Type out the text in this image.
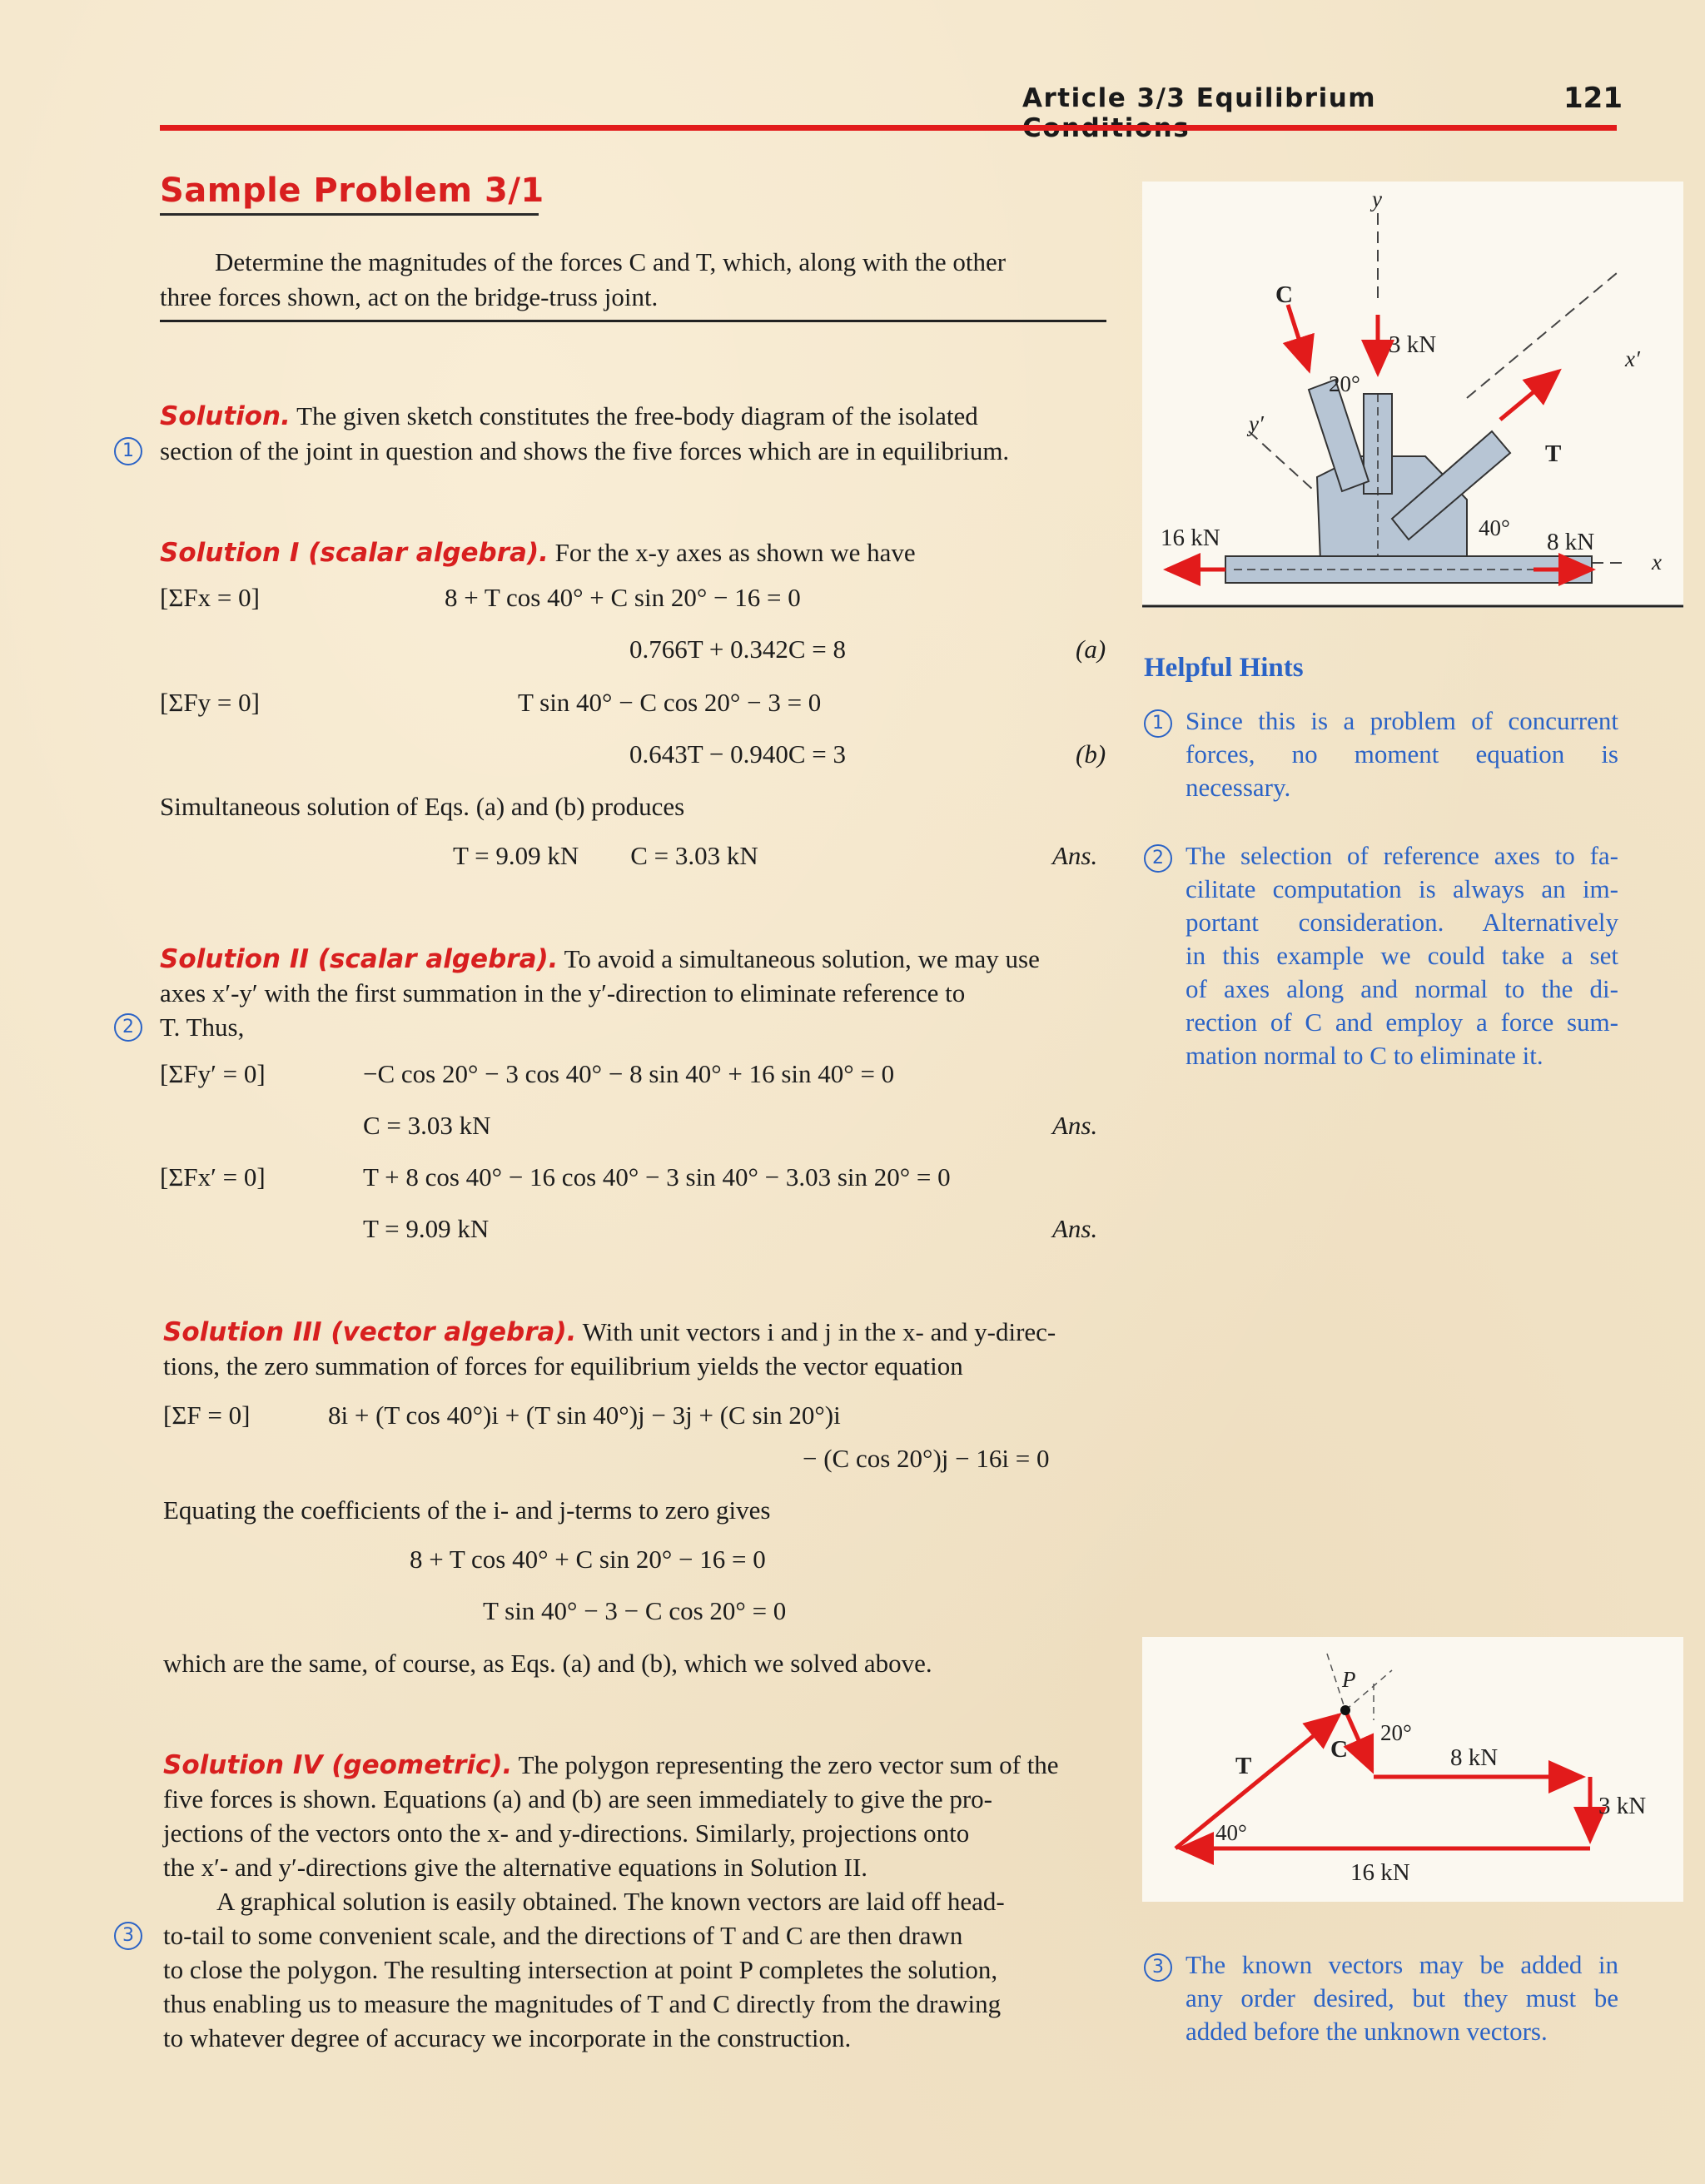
Article 3/3 Equilibrium	121
Sample Problem 3/1
Determine the magnitudes of the forces C and T, which, along with the other
three forces shown, act on the bridge-truss joint.
Solution. The given sketch constitutes the free-body diagram of the isolated
1	section of the joint in question and shows the five forces which are in equilibrium.
Solution I (scalar algebra). For the x-y axes as shown we have
[ΣFx = 0]	8 + T cos 40° + C sin 20° − 16 = 0
0.766T + 0.342C = 8	(a)
[ΣFy = 0]	T sin 40° − C cos 20° − 3 = 0
0.643T − 0.940C = 3	(b)
Simultaneous solution of Eqs. (a) and (b) produces
T = 9.09 kN        C = 3.03 kN	Ans.
Solution II (scalar algebra). To avoid a simultaneous solution, we may use
axes x′-y′ with the first summation in the y′-direction to eliminate reference to
2	T. Thus,
[ΣFy′ = 0]	−C cos 20° − 3 cos 40° − 8 sin 40° + 16 sin 40° = 0
C = 3.03 kN	Ans.
[ΣFx′ = 0]	T + 8 cos 40° − 16 cos 40° − 3 sin 40° − 3.03 sin 20° = 0
T = 9.09 kN	Ans.
Solution III (vector algebra). With unit vectors i and j in the x- and y-direc-
tions, the zero summation of forces for equilibrium yields the vector equation
[ΣF = 0]	8i + (T cos 40°)i + (T sin 40°)j − 3j + (C sin 20°)i
− (C cos 20°)j − 16i = 0
Equating the coefficients of the i- and j-terms to zero gives
8 + T cos 40° + C sin 20° − 16 = 0
T sin 40° − 3 − C cos 20° = 0
which are the same, of course, as Eqs. (a) and (b), which we solved above.
Solution IV (geometric). The polygon representing the zero vector sum of the
five forces is shown. Equations (a) and (b) are seen immediately to give the pro-
jections of the vectors onto the x- and y-directions. Similarly, projections onto
the x′- and y′-directions give the alternative equations in Solution II.
A graphical solution is easily obtained. The known vectors are laid off head-
3	to-tail to some convenient scale, and the directions of T and C are then drawn
to close the polygon. The resulting intersection at point P completes the solution,
thus enabling us to measure the magnitudes of T and C directly from the drawing
to whatever degree of accuracy we incorporate in the construction.
y
C
3 kN
x′
20°
y′
T
40°
16 kN	8 kN
x
Helpful Hints
1 Since this is a problem of concurrent
forces, no moment equation is
necessary.
2 The selection of reference axes to fa-
cilitate computation is always an im-
portant consideration. Alternatively
in this example we could take a set
of axes along and normal to the di-
rection of C and employ a force sum-
mation normal to C to eliminate it.
P
20°
C
T	8 kN
3 kN
40°
16 kN
3 The known vectors may be added in
any order desired, but they must be
added before the unknown vectors.
